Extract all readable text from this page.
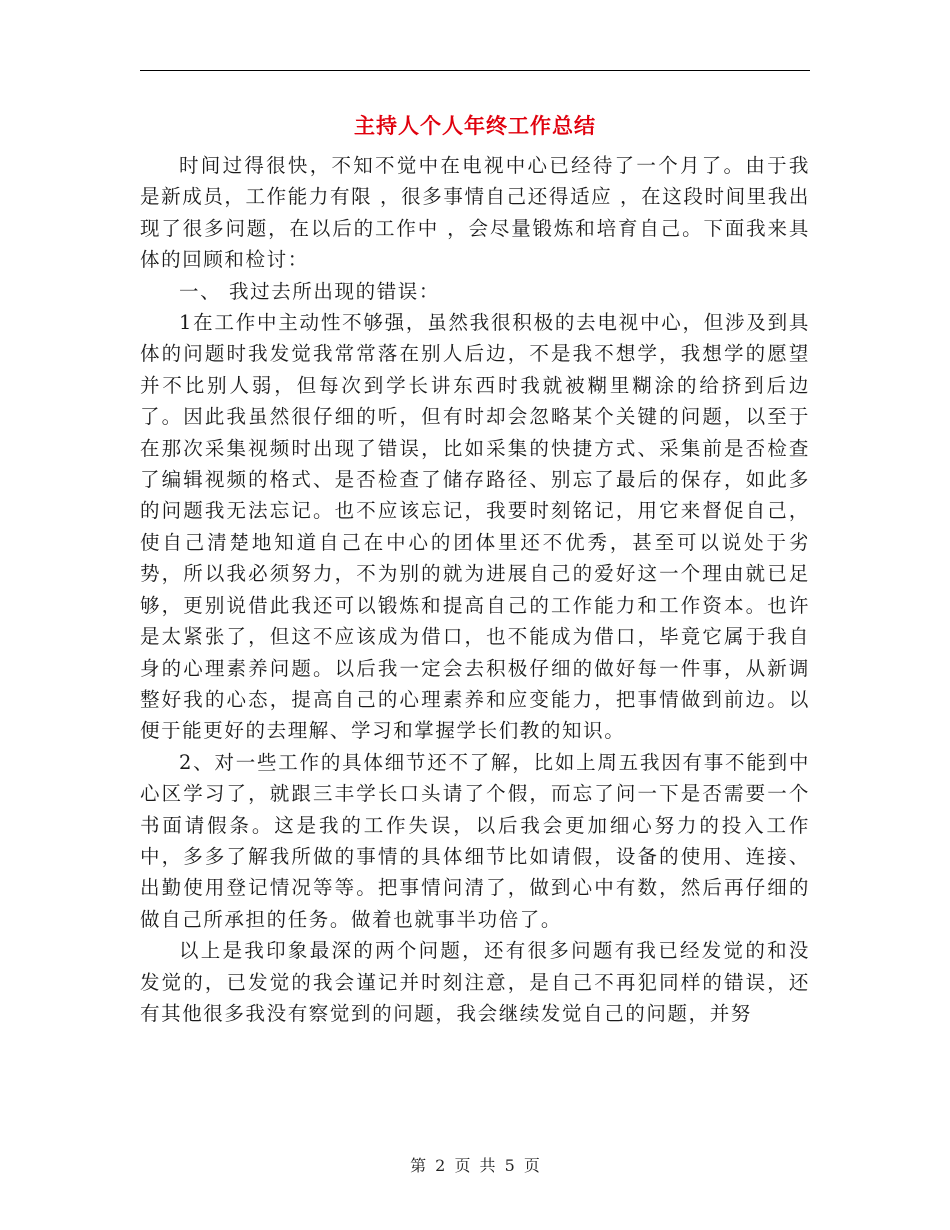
主持人个人年终工作总结

时间过得很快，不知不觉中在电视中心已经待了一个月了。由于我是新成员，工作能力有限 ，很多事情自己还得适应 ，在这段时间里我出现了很多问题，在以后的工作中 ，会尽量锻炼和培育自己。下面我来具体的回顾和检讨：

一、 我过去所出现的错误：

1在工作中主动性不够强，虽然我很积极的去电视中心，但涉及到具体的问题时我发觉我常常落在别人后边，不是我不想学，我想学的愿望并不比别人弱，但每次到学长讲东西时我就被糊里糊涂的给挤到后边了。因此我虽然很仔细的听，但有时却会忽略某个关键的问题，以至于在那次采集视频时出现了错误，比如采集的快捷方式、采集前是否检查了编辑视频的格式、是否检查了储存路径、别忘了最后的保存，如此多的问题我无法忘记。也不应该忘记，我要时刻铭记，用它来督促自己，使自己清楚地知道自己在中心的团体里还不优秀，甚至可以说处于劣势，所以我必须努力，不为别的就为进展自己的爱好这一个理由就已足够，更别说借此我还可以锻炼和提高自己的工作能力和工作资本。也许是太紧张了，但这不应该成为借口，也不能成为借口，毕竟它属于我自身的心理素养问题。以后我一定会去积极仔细的做好每一件事，从新调整好我的心态，提高自己的心理素养和应变能力，把事情做到前边。以便于能更好的去理解、学习和掌握学长们教的知识。

2、对一些工作的具体细节还不了解，比如上周五我因有事不能到中心区学习了，就跟三丰学长口头请了个假，而忘了问一下是否需要一个书面请假条。这是我的工作失误，以后我会更加细心努力的投入工作中，多多了解我所做的事情的具体细节比如请假，设备的使用、连接、出勤使用登记情况等等。把事情问清了，做到心中有数，然后再仔细的做自己所承担的任务。做着也就事半功倍了。

以上是我印象最深的两个问题，还有很多问题有我已经发觉的和没发觉的，已发觉的我会谨记并时刻注意，是自己不再犯同样的错误，还有其他很多我没有察觉到的问题，我会继续发觉自己的问题，并努

第 2 页 共 5 页
